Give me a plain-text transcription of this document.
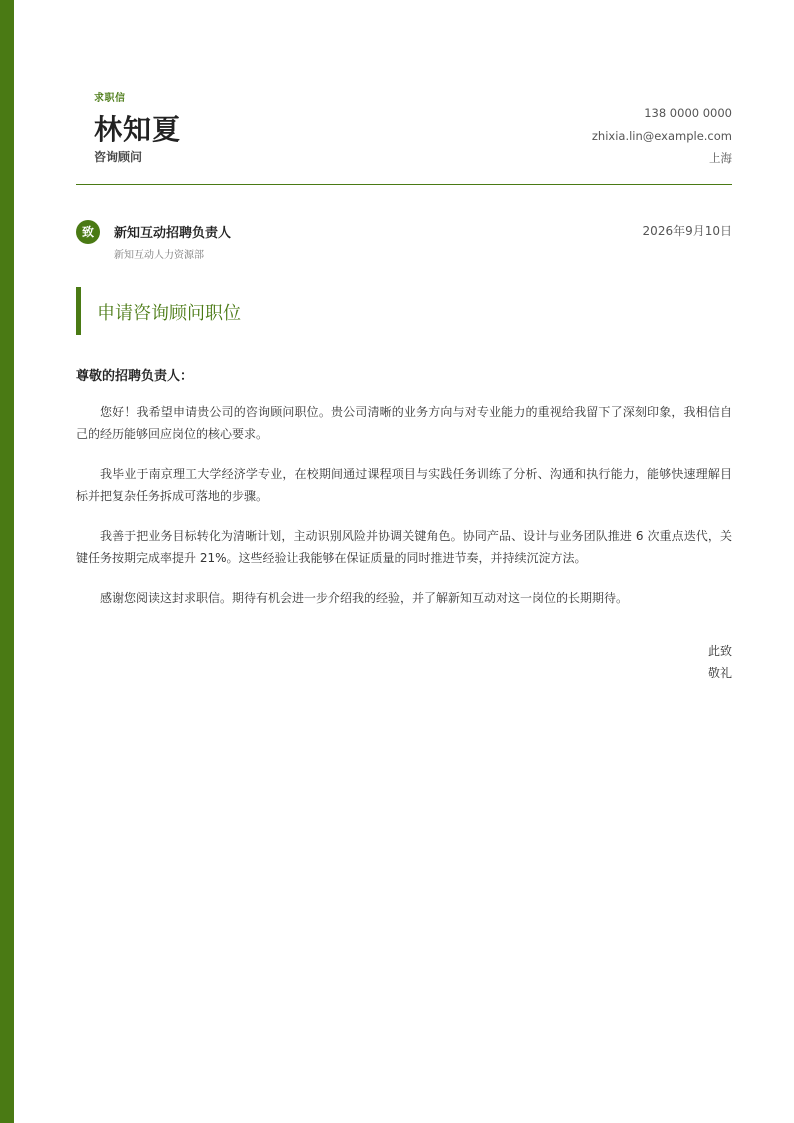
求职信
林知夏
咨询顾问
138 0000 0000
zhixia.lin@example.com
上海
致	新知互动招聘负责人
新知互动人力资源部
2026年9月10日
申请咨询顾问职位
尊敬的招聘负责人：
您好！我希望申请贵公司的咨询顾问职位。贵公司清晰的业务方向与对专业能力的重视给我留下了深刻印象，我相信自己的经历能够回应岗位的核心要求。
我毕业于南京理工大学经济学专业，在校期间通过课程项目与实践任务训练了分析、沟通和执行能力，能够快速理解目标并把复杂任务拆成可落地的步骤。
我善于把业务目标转化为清晰计划，主动识别风险并协调关键角色。协同产品、设计与业务团队推进 6 次重点迭代，关键任务按期完成率提升 21%。这些经验让我能够在保证质量的同时推进节奏，并持续沉淀方法。
感谢您阅读这封求职信。期待有机会进一步介绍我的经验，并了解新知互动对这一岗位的长期期待。
此致
敬礼
